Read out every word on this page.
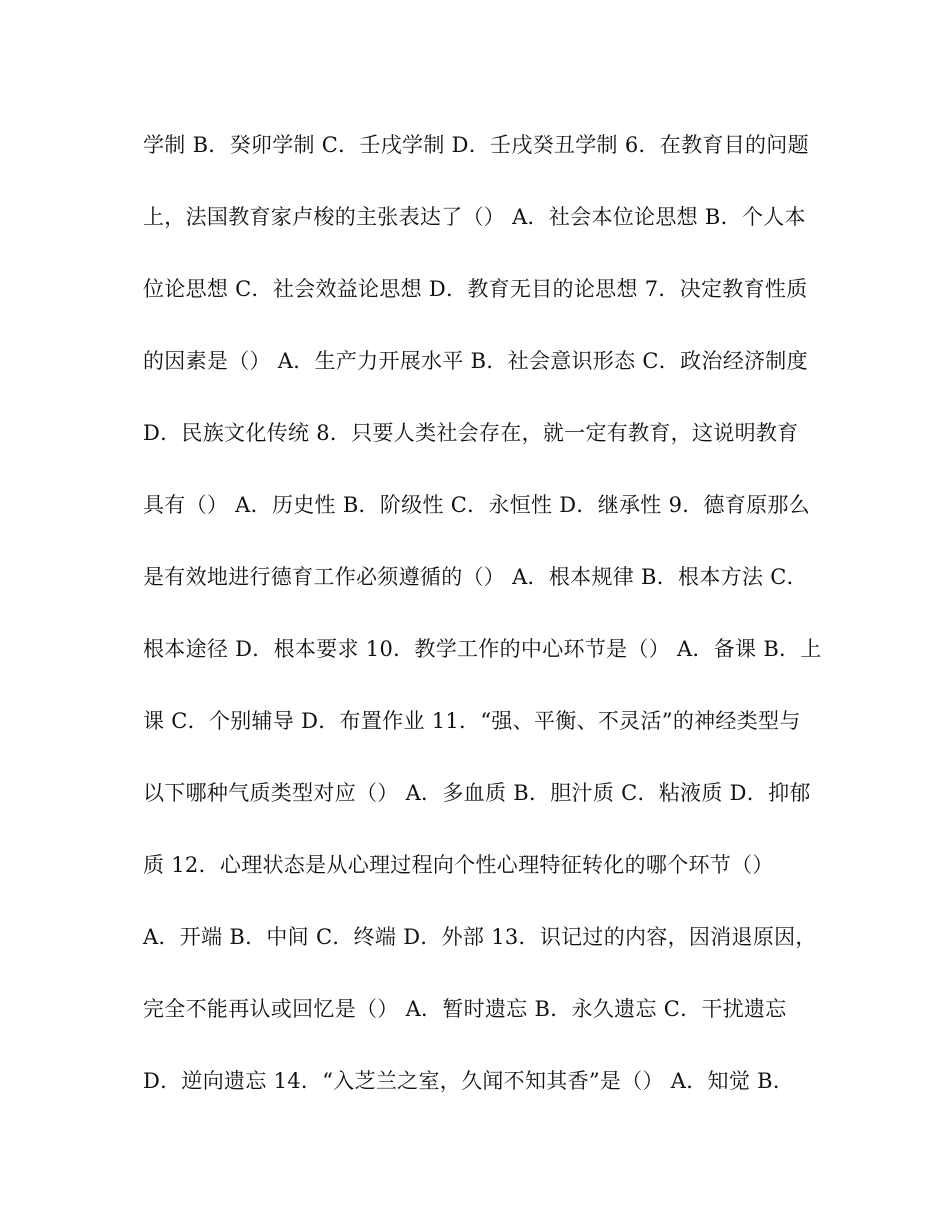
学制 B．癸卯学制 C．壬戌学制 D．壬戌癸丑学制 6．在教育目的问题
上，法国教育家卢梭的主张表达了（） A．社会本位论思想 B．个人本
位论思想 C．社会效益论思想 D．教育无目的论思想 7．决定教育性质
的因素是（） A．生产力开展水平 B．社会意识形态 C．政治经济制度
D．民族文化传统 8．只要人类社会存在，就一定有教育，这说明教育
具有（） A．历史性 B．阶级性 C．永恒性 D．继承性 9．德育原那么
是有效地进行德育工作必须遵循的（） A．根本规律 B．根本方法 C．
根本途径 D．根本要求 10．教学工作的中心环节是（） A．备课 B．上
课 C．个别辅导 D．布置作业 11．“强、平衡、不灵活”的神经类型与
以下哪种气质类型对应（） A．多血质 B．胆汁质 C．粘液质 D．抑郁
质 12．心理状态是从心理过程向个性心理特征转化的哪个环节（）
A．开端 B．中间 C．终端 D．外部 13．识记过的内容，因消退原因，
完全不能再认或回忆是（） A．暂时遗忘 B．永久遗忘 C．干扰遗忘
D．逆向遗忘 14．“入芝兰之室，久闻不知其香”是（） A．知觉 B．
